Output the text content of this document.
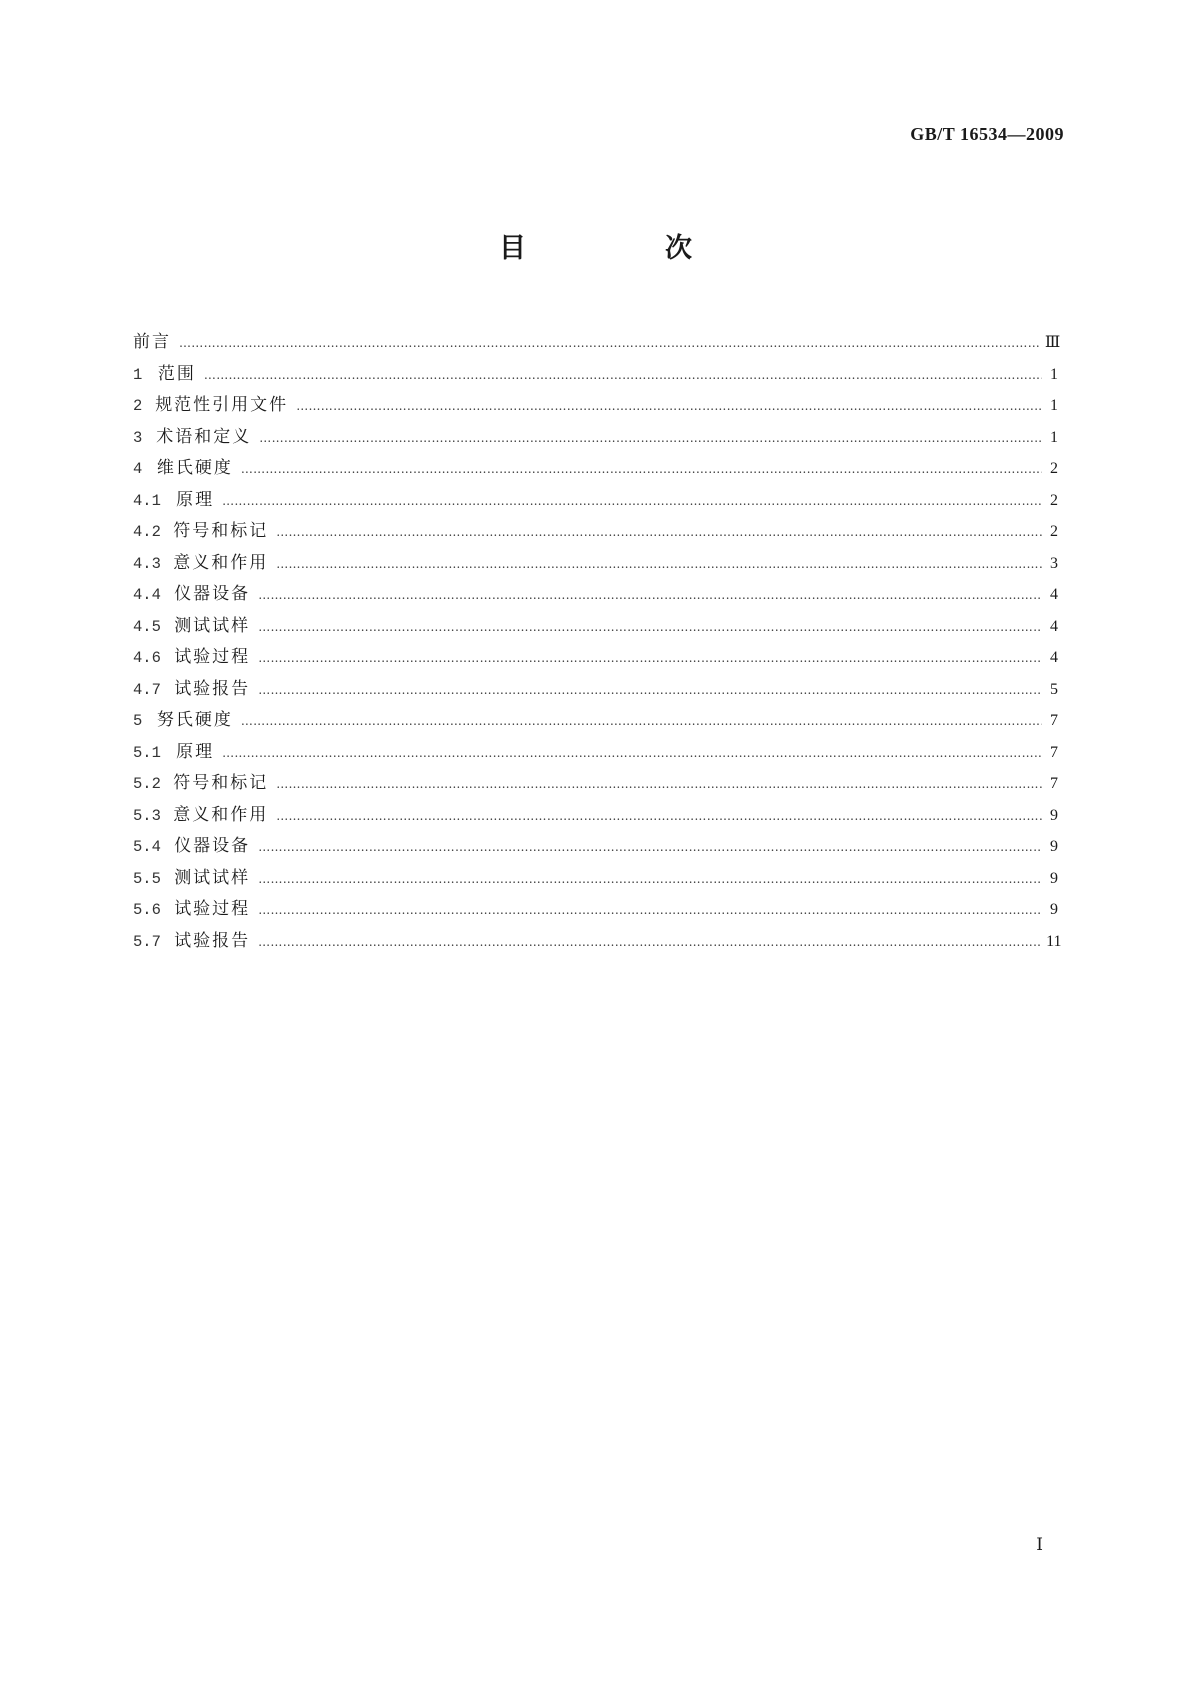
GB/T 16534—2009
目　次
前言 …………………………………………………………………………………………………………………………………………………………………………………………………………………………	Ⅲ
1 范围 …………………………………………………………………………………………………………………………………………………………………………………………………………………………	1
2 规范性引用文件 …………………………………………………………………………………………………………………………………………………………………………………………………………………………	1
3 术语和定义 …………………………………………………………………………………………………………………………………………………………………………………………………………………………	1
4 维氏硬度 …………………………………………………………………………………………………………………………………………………………………………………………………………………………	2
4.1 原理 …………………………………………………………………………………………………………………………………………………………………………………………………………………………	2
4.2 符号和标记 …………………………………………………………………………………………………………………………………………………………………………………………………………………………	2
4.3 意义和作用 …………………………………………………………………………………………………………………………………………………………………………………………………………………………	3
4.4 仪器设备 …………………………………………………………………………………………………………………………………………………………………………………………………………………………	4
4.5 测试试样 …………………………………………………………………………………………………………………………………………………………………………………………………………………………	4
4.6 试验过程 …………………………………………………………………………………………………………………………………………………………………………………………………………………………	4
4.7 试验报告 …………………………………………………………………………………………………………………………………………………………………………………………………………………………	5
5 努氏硬度 …………………………………………………………………………………………………………………………………………………………………………………………………………………………	7
5.1 原理 …………………………………………………………………………………………………………………………………………………………………………………………………………………………	7
5.2 符号和标记 …………………………………………………………………………………………………………………………………………………………………………………………………………………………	7
5.3 意义和作用 …………………………………………………………………………………………………………………………………………………………………………………………………………………………	9
5.4 仪器设备 …………………………………………………………………………………………………………………………………………………………………………………………………………………………	9
5.5 测试试样 …………………………………………………………………………………………………………………………………………………………………………………………………………………………	9
5.6 试验过程 …………………………………………………………………………………………………………………………………………………………………………………………………………………………	9
5.7 试验报告 …………………………………………………………………………………………………………………………………………………………………………………………………………………………	11
Ⅰ
